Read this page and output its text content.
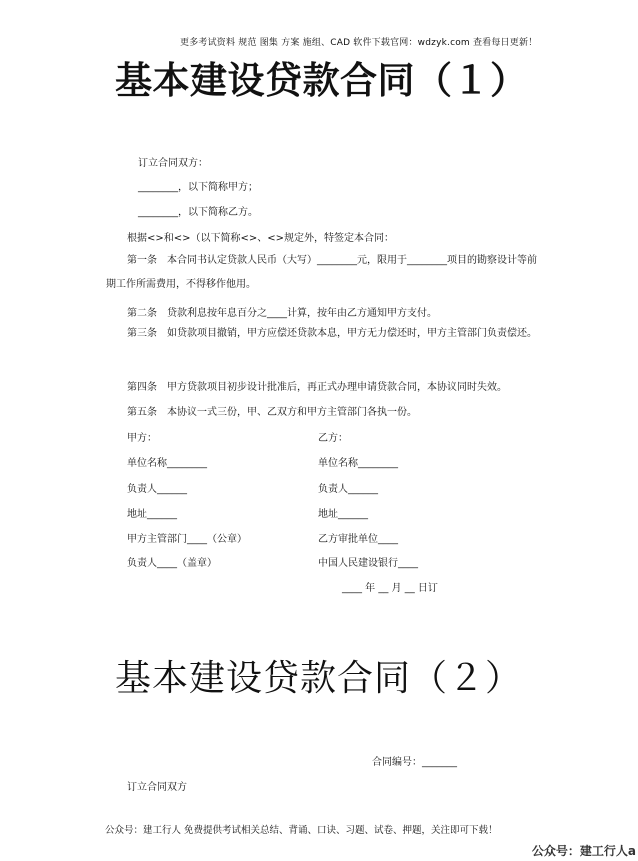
更多考试资料 规范 图集 方案 施组、CAD 软件下载官网：wdzyk.com 查看每日更新！
基本建设贷款合同（１）
订立合同双方：
________，以下简称甲方；
________，以下简称乙方。
根据<>和<>（以下简称<>、<>规定外，特签定本合同：
第一条　本合同书认定贷款人民币（大写）________元，限用于________项目的勘察设计等前期工作所需费用，不得移作他用。
第二条　贷款利息按年息百分之____计算，按年由乙方通知甲方支付。
第三条　如贷款项目撤销，甲方应偿还贷款本息，甲方无力偿还时，甲方主管部门负责偿还。
第四条　甲方贷款项目初步设计批准后，再正式办理申请贷款合同，本协议同时失效。
第五条　本协议一式三份，甲、乙双方和甲方主管部门各执一份。
甲方：	乙方：
单位名称________	单位名称________
负责人______	负责人______
地址______	地址______
甲方主管部门____（公章）	乙方审批单位____
负责人____（盖章）	中国人民建设银行____
____ 年 __ 月 __ 日订
基本建设贷款合同（２）
合同编号：_______
订立合同双方
公众号：建工行人 免费提供考试相关总结、背诵、口诀、习题、试卷、押题，关注即可下载！
公众号：建工行人a
